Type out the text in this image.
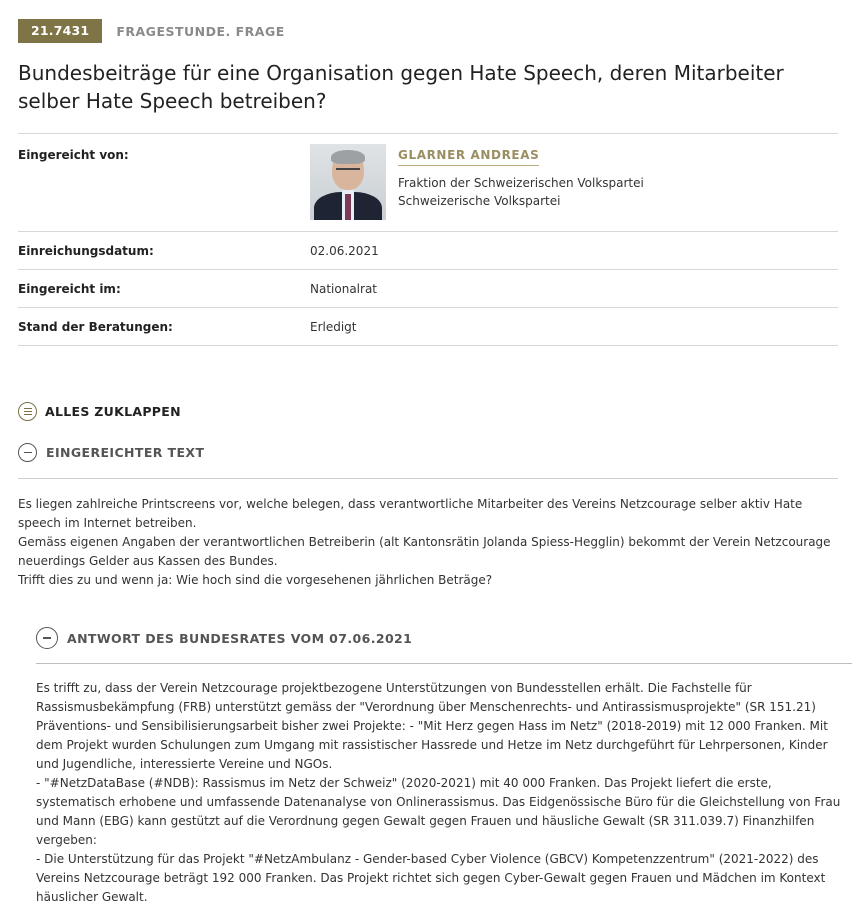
21.7431	FRAGESTUNDE. FRAGE
Bundesbeiträge für eine Organisation gegen Hate Speech, deren Mitarbeiter selber Hate Speech betreiben?
Eingereicht von:	GLARNER ANDREAS
Fraktion der Schweizerischen Volkspartei
Schweizerische Volkspartei
Einreichungsdatum:	02.06.2021
Eingereicht im:	Nationalrat
Stand der Beratungen:	Erledigt
ALLES ZUKLAPPEN
EINGEREICHTER TEXT

Es liegen zahlreiche Printscreens vor, welche belegen, dass verantwortliche Mitarbeiter des Vereins Netzcourage selber aktiv Hate speech im Internet betreiben.

Gemäss eigenen Angaben der verantwortlichen Betreiberin (alt Kantonsrätin Jolanda Spiess-Hegglin) bekommt der Verein Netzcourage neuerdings Gelder aus Kassen des Bundes.

Trifft dies zu und wenn ja: Wie hoch sind die vorgesehenen jährlichen Beträge?

ANTWORT DES BUNDESRATES VOM 07.06.2021

Es trifft zu, dass der Verein Netzcourage projektbezogene Unterstützungen von Bundesstellen erhält. Die Fachstelle für Rassismusbekämpfung (FRB) unterstützt gemäss der "Verordnung über Menschenrechts- und Antirassismusprojekte" (SR 151.21) Präventions- und Sensibilisierungsarbeit bisher zwei Projekte: - "Mit Herz gegen Hass im Netz" (2018-2019) mit 12 000 Franken. Mit dem Projekt wurden Schulungen zum Umgang mit rassistischer Hassrede und Hetze im Netz durchgeführt für Lehrpersonen, Kinder und Jugendliche, interessierte Vereine und NGOs.

- "#NetzDataBase (#NDB): Rassismus im Netz der Schweiz" (2020-2021) mit 40 000 Franken. Das Projekt liefert die erste, systematisch erhobene und umfassende Datenanalyse von Onlinerassismus. Das Eidgenössische Büro für die Gleichstellung von Frau und Mann (EBG) kann gestützt auf die Verordnung gegen Gewalt gegen Frauen und häusliche Gewalt (SR 311.039.7) Finanzhilfen vergeben:

- Die Unterstützung für das Projekt "#NetzAmbulanz - Gender-based Cyber Violence (GBCV) Kompetenzzentrum" (2021-2022) des Vereins Netzcourage beträgt 192 000 Franken. Das Projekt richtet sich gegen Cyber-Gewalt gegen Frauen und Mädchen im Kontext häuslicher Gewalt.
